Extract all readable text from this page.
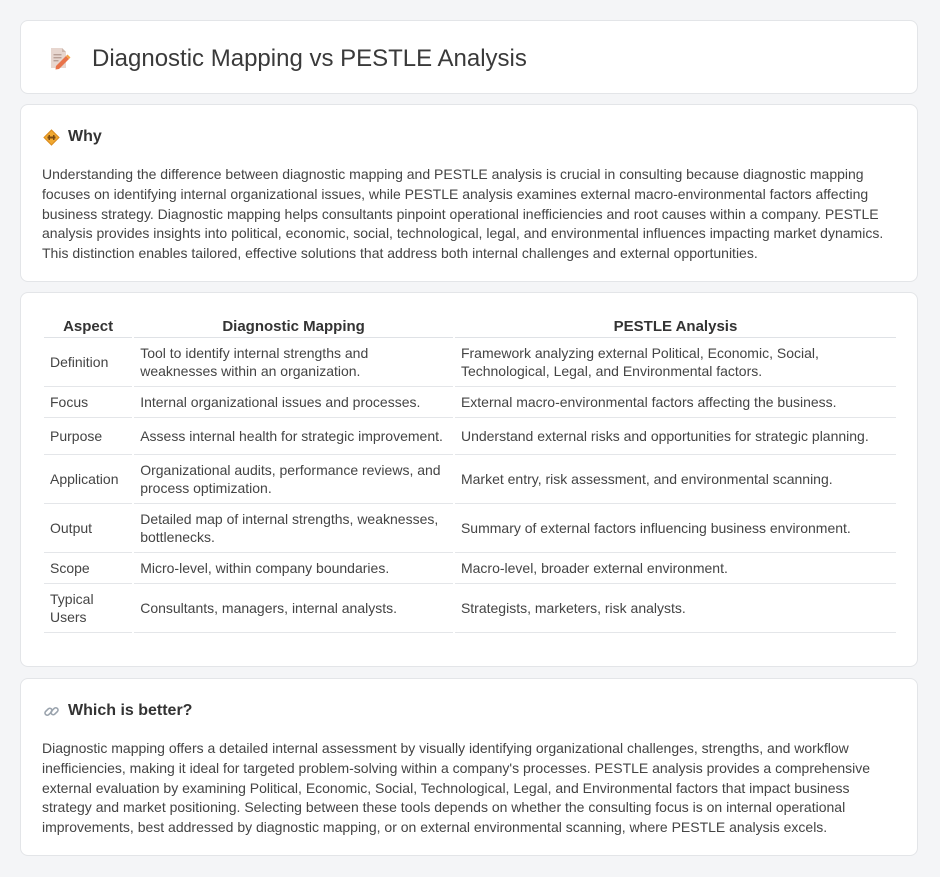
Diagnostic Mapping vs PESTLE Analysis
Why

Understanding the difference between diagnostic mapping and PESTLE analysis is crucial in consulting because diagnostic mapping focuses on identifying internal organizational issues, while PESTLE analysis examines external macro-environmental factors affecting business strategy. Diagnostic mapping helps consultants pinpoint operational inefficiencies and root causes within a company. PESTLE analysis provides insights into political, economic, social, technological, legal, and environmental influences impacting market dynamics. This distinction enables tailored, effective solutions that address both internal challenges and external opportunities.

Aspect	Diagnostic Mapping	PESTLE Analysis
Definition	Tool to identify internal strengths and weaknesses within an organization.	Framework analyzing external Political, Economic, Social, Technological, Legal, and Environmental factors.
Focus	Internal organizational issues and processes.	External macro-environmental factors affecting the business.
Purpose	Assess internal health for strategic improvement.	Understand external risks and opportunities for strategic planning.
Application	Organizational audits, performance reviews, and process optimization.	Market entry, risk assessment, and environmental scanning.
Output	Detailed map of internal strengths, weaknesses, bottlenecks.	Summary of external factors influencing business environment.
Scope	Micro-level, within company boundaries.	Macro-level, broader external environment.
Typical Users	Consultants, managers, internal analysts.	Strategists, marketers, risk analysts.
Which is better?

Diagnostic mapping offers a detailed internal assessment by visually identifying organizational challenges, strengths, and workflow inefficiencies, making it ideal for targeted problem-solving within a company's processes. PESTLE analysis provides a comprehensive external evaluation by examining Political, Economic, Social, Technological, Legal, and Environmental factors that impact business strategy and market positioning. Selecting between these tools depends on whether the consulting focus is on internal operational improvements, best addressed by diagnostic mapping, or on external environmental scanning, where PESTLE analysis excels.
